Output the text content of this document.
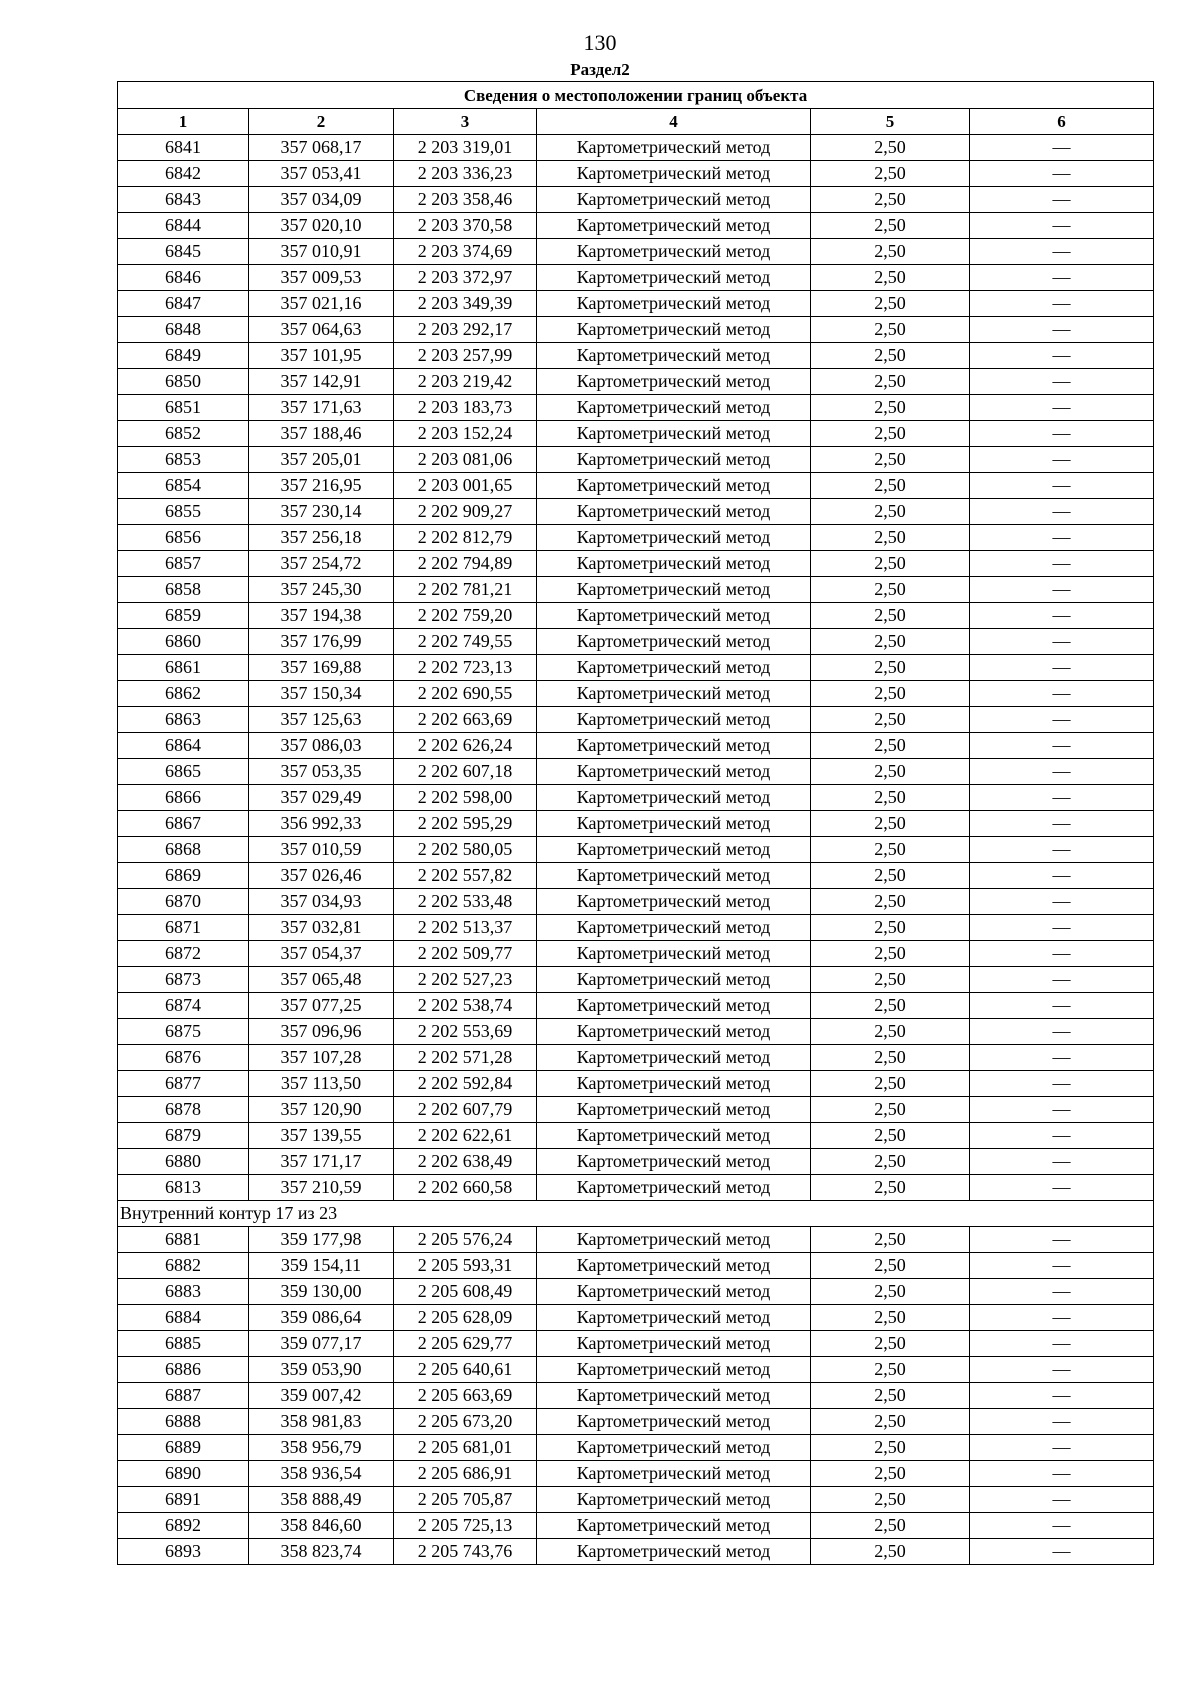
130
Раздел2
Сведения о местоположении границ объекта					
1	2	3	4	5	6
6841	357 068,17	2 203 319,01	Картометрический метод	2,50	—
6842	357 053,41	2 203 336,23	Картометрический метод	2,50	—
6843	357 034,09	2 203 358,46	Картометрический метод	2,50	—
6844	357 020,10	2 203 370,58	Картометрический метод	2,50	—
6845	357 010,91	2 203 374,69	Картометрический метод	2,50	—
6846	357 009,53	2 203 372,97	Картометрический метод	2,50	—
6847	357 021,16	2 203 349,39	Картометрический метод	2,50	—
6848	357 064,63	2 203 292,17	Картометрический метод	2,50	—
6849	357 101,95	2 203 257,99	Картометрический метод	2,50	—
6850	357 142,91	2 203 219,42	Картометрический метод	2,50	—
6851	357 171,63	2 203 183,73	Картометрический метод	2,50	—
6852	357 188,46	2 203 152,24	Картометрический метод	2,50	—
6853	357 205,01	2 203 081,06	Картометрический метод	2,50	—
6854	357 216,95	2 203 001,65	Картометрический метод	2,50	—
6855	357 230,14	2 202 909,27	Картометрический метод	2,50	—
6856	357 256,18	2 202 812,79	Картометрический метод	2,50	—
6857	357 254,72	2 202 794,89	Картометрический метод	2,50	—
6858	357 245,30	2 202 781,21	Картометрический метод	2,50	—
6859	357 194,38	2 202 759,20	Картометрический метод	2,50	—
6860	357 176,99	2 202 749,55	Картометрический метод	2,50	—
6861	357 169,88	2 202 723,13	Картометрический метод	2,50	—
6862	357 150,34	2 202 690,55	Картометрический метод	2,50	—
6863	357 125,63	2 202 663,69	Картометрический метод	2,50	—
6864	357 086,03	2 202 626,24	Картометрический метод	2,50	—
6865	357 053,35	2 202 607,18	Картометрический метод	2,50	—
6866	357 029,49	2 202 598,00	Картометрический метод	2,50	—
6867	356 992,33	2 202 595,29	Картометрический метод	2,50	—
6868	357 010,59	2 202 580,05	Картометрический метод	2,50	—
6869	357 026,46	2 202 557,82	Картометрический метод	2,50	—
6870	357 034,93	2 202 533,48	Картометрический метод	2,50	—
6871	357 032,81	2 202 513,37	Картометрический метод	2,50	—
6872	357 054,37	2 202 509,77	Картометрический метод	2,50	—
6873	357 065,48	2 202 527,23	Картометрический метод	2,50	—
6874	357 077,25	2 202 538,74	Картометрический метод	2,50	—
6875	357 096,96	2 202 553,69	Картометрический метод	2,50	—
6876	357 107,28	2 202 571,28	Картометрический метод	2,50	—
6877	357 113,50	2 202 592,84	Картометрический метод	2,50	—
6878	357 120,90	2 202 607,79	Картометрический метод	2,50	—
6879	357 139,55	2 202 622,61	Картометрический метод	2,50	—
6880	357 171,17	2 202 638,49	Картометрический метод	2,50	—
6813	357 210,59	2 202 660,58	Картометрический метод	2,50	—
Внутренний контур 17 из 23					
6881	359 177,98	2 205 576,24	Картометрический метод	2,50	—
6882	359 154,11	2 205 593,31	Картометрический метод	2,50	—
6883	359 130,00	2 205 608,49	Картометрический метод	2,50	—
6884	359 086,64	2 205 628,09	Картометрический метод	2,50	—
6885	359 077,17	2 205 629,77	Картометрический метод	2,50	—
6886	359 053,90	2 205 640,61	Картометрический метод	2,50	—
6887	359 007,42	2 205 663,69	Картометрический метод	2,50	—
6888	358 981,83	2 205 673,20	Картометрический метод	2,50	—
6889	358 956,79	2 205 681,01	Картометрический метод	2,50	—
6890	358 936,54	2 205 686,91	Картометрический метод	2,50	—
6891	358 888,49	2 205 705,87	Картометрический метод	2,50	—
6892	358 846,60	2 205 725,13	Картометрический метод	2,50	—
6893	358 823,74	2 205 743,76	Картометрический метод	2,50	—
